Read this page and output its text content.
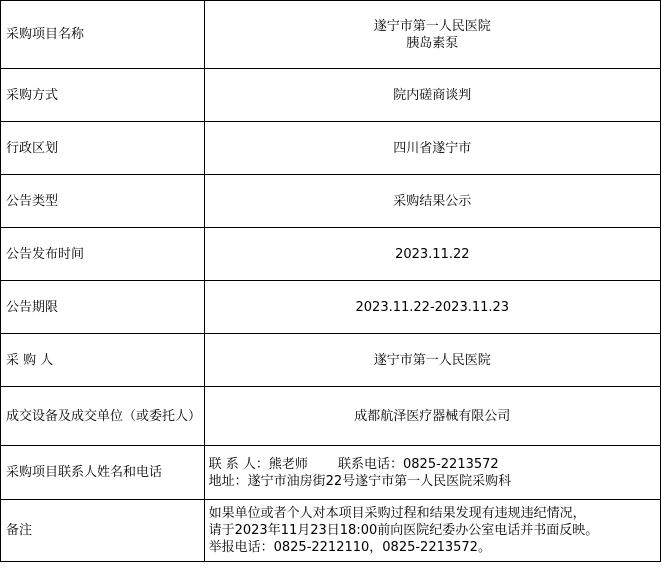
采购项目名称	遂宁市第一人民医院
胰岛素泵

采购方式	院内磋商谈判
行政区划	四川省遂宁市
公告类型	采购结果公示
公告发布时间	2023.11.22
公告期限	2023.11.22-2023.11.23
采 购 人	遂宁市第一人民医院

成交设备及成交单位（或委托人）	成都航泽医疗器械有限公司
采购项目联系人姓名和电话	联 系 人：熊老师 　　联系电话：0825-2213572
地址：遂宁市油房街22号遂宁市第一人民医院采购科

备注	如果单位或者个人对本项目采购过程和结果发现有违规违纪情况，
请于2023年11月23日18:00前向医院纪委办公室电话并书面反映。
举报电话：0825-2212110，0825-2213572。
